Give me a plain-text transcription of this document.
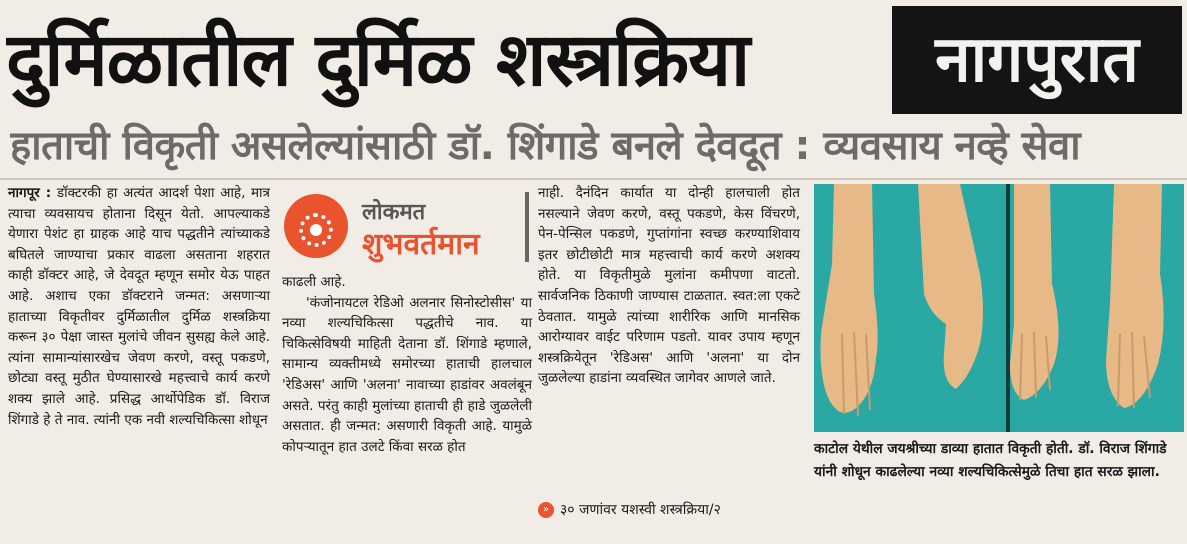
दुर्मिळातील दुर्मिळ शस्त्रक्रिया	नागपुरात
हाताची विकृती असलेल्यांसाठी डॉ. शिंगाडे बनले देवदूत : व्यवसाय नव्हे सेवा

नागपूर : डॉक्टरकी हा अत्यंत आदर्श पेशा आहे, मात्र त्याचा व्यवसायच होताना दिसून येतो. आपल्याकडे येणारा पेशंट हा ग्राहक आहे याच पद्धतीने त्यांच्याकडे बघितले जाण्याचा प्रकार वाढला असताना शहरात काही डॉक्टर आहे, जे देवदूत म्हणून समोर येऊ पाहत आहे. अशाच एका डॉक्टराने जन्मत: असणाऱ्या हाताच्या विकृतीवर दुर्मिळातील दुर्मिळ शस्त्रक्रिया करून ३० पेक्षा जास्त मुलांचे जीवन सुसह्य केले आहे. त्यांना सामान्यांसारखेच जेवण करणे, वस्तू पकडणे, छोट्या वस्तू मुठीत घेण्यासारखे महत्त्वाचे कार्य करणे शक्य झाले आहे. प्रसिद्ध आर्थोपेडिक डॉ. विराज शिंगाडे हे ते नाव. त्यांनी एक नवी शल्यचिकित्सा शोधून

लोकमत
शुभवर्तमान

काढली आहे.

'कंजोनायटल रेडिओ अलनार सिनोस्टोसीस' या नव्या शल्यचिकित्सा पद्धतीचे नाव. या चिकित्सेविषयी माहिती देताना डॉ. शिंगाडे म्हणाले, सामान्य व्यक्तीमध्ये समोरच्या हाताची हालचाल 'रेडिअस' आणि 'अलना' नावाच्या हाडांवर अवलंबून असते. परंतु काही मुलांच्या हाताची ही हाडे जुळलेली असतात. ही जन्मत: असणारी विकृती आहे. यामुळे कोपऱ्यातून हात उलटे किंवा सरळ होत

नाही. दैनंदिन कार्यात या दोन्ही हालचाली होत नसल्याने जेवण करणे, वस्तू पकडणे, केस विंचरणे, पेन-पेन्सिल पकडणे, गुप्तांगांना स्वच्छ करण्याशिवाय इतर छोटीछोटी मात्र महत्त्वाची कार्य करणे अशक्य होते. या विकृतीमुळे मुलांना कमीपणा वाटतो. सार्वजनिक ठिकाणी जाण्यास टाळतात. स्वत:ला एकटे ठेवतात. यामुळे त्यांच्या शारीरिक आणि मानसिक आरोग्यावर वाईट परिणाम पडतो. यावर उपाय म्हणून शस्त्रक्रियेतून 'रेडिअस' आणि 'अलना' या दोन जुळलेल्या हाडांना व्यवस्थित जागेवर आणले जाते.

» ३० जणांवर यशस्वी शस्त्रक्रिया/२
काटोल येथील जयश्रीच्या डाव्या हातात विकृती होती. डॉ. विराज शिंगाडे यांनी शोधून काढलेल्या नव्या शल्यचिकित्सेमुळे तिचा हात सरळ झाला.
